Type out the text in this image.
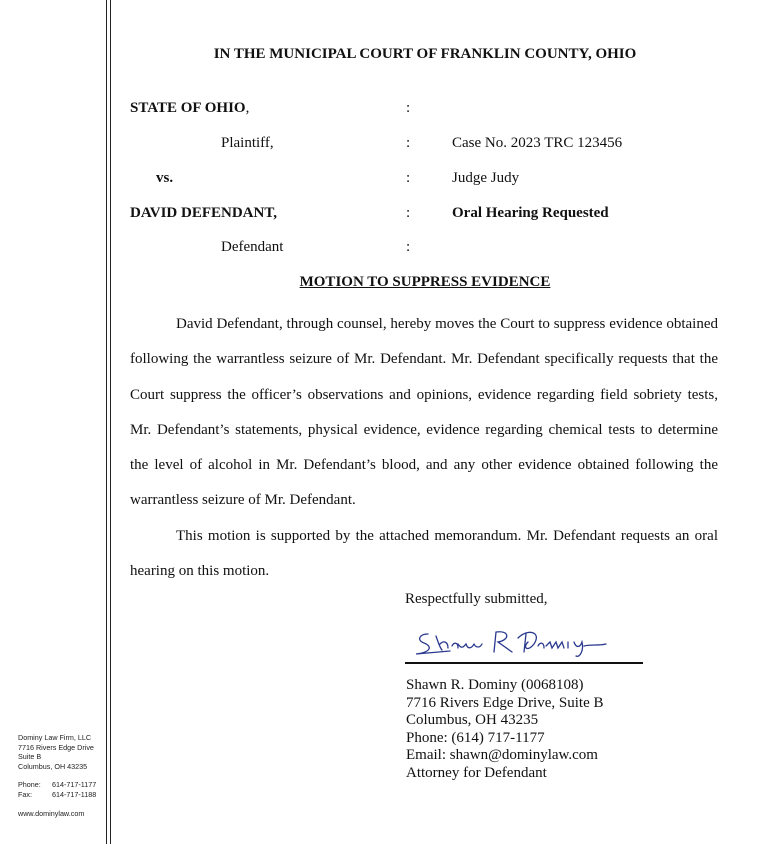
Dominy Law Firm, LLC
7716 Rivers Edge Drive
Suite B
Columbus, OH 43235
Phone:	614-717-1177
Fax:	614-717-1188
www.dominylaw.com
IN THE MUNICIPAL COURT OF FRANKLIN COUNTY, OHIO
STATE OF OHIO,
Plaintiff,
vs.
DAVID DEFENDANT,
Defendant
:
:
:
:
:
Case No. 2023 TRC 123456
Judge Judy
Oral Hearing Requested
MOTION TO SUPPRESS EVIDENCE

David Defendant, through counsel, hereby moves the Court to suppress evidence obtained following the warrantless seizure of Mr. Defendant. Mr. Defendant specifically requests that the Court suppress the officer’s observations and opinions, evidence regarding field sobriety tests, Mr. Defendant’s statements, physical evidence, evidence regarding chemical tests to determine the level of alcohol in Mr. Defendant’s blood, and any other evidence obtained following the warrantless seizure of Mr. Defendant.

This motion is supported by the attached memorandum. Mr. Defendant requests an oral hearing on this motion.

Respectfully submitted,
Shawn R. Dominy (0068108)
7716 Rivers Edge Drive, Suite B
Columbus, OH 43235
Phone: (614) 717-1177
Email: shawn@dominylaw.com
Attorney for Defendant
